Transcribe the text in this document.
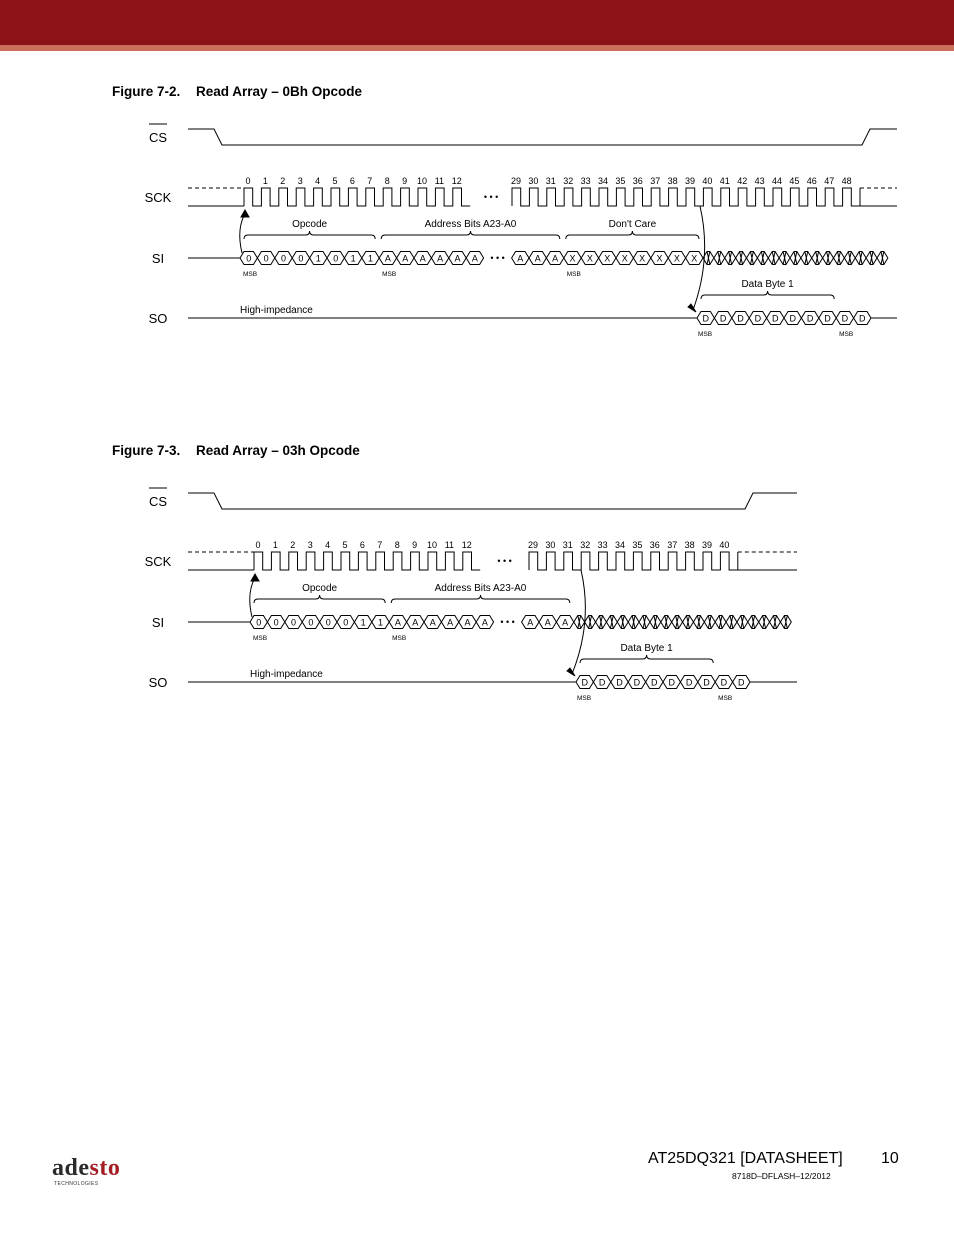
Figure 7-2. Read Array – 0Bh Opcode
CS
SCK
SI
SO
• • •
0 1 2 3 4 5 6 7 8 9 10 11 12	29 30 31 32 33 34 35 36 37 38 39 40 41 42 43 44 45 46 47 48
0 0 0 0 1 0 1 1 A A A A A A • • • A A A X X X X X X X X
MSB	MSB	MSB
Opcode	Address Bits A23-A0	Don't Care
High-impedance
D D D D D D D D D D
MSB	MSB
Data Byte 1
Figure 7-3. Read Array – 03h Opcode
CS
SCK
SI
SO
• • •
0 1 2 3 4 5 6 7 8 9 10 11 12	29 30 31 32 33 34 35 36 37 38 39 40
0 0 0 0 0 0 1 1 A A A A A A • • • A A A
MSB	MSB
Opcode	Address Bits A23-A0
High-impedance
D D D D D D D D D D
MSB	MSB
Data Byte 1
adesto
TECHNOLOGIES
AT25DQ321 [DATASHEET] 10
8718D–DFLASH–12/2012
